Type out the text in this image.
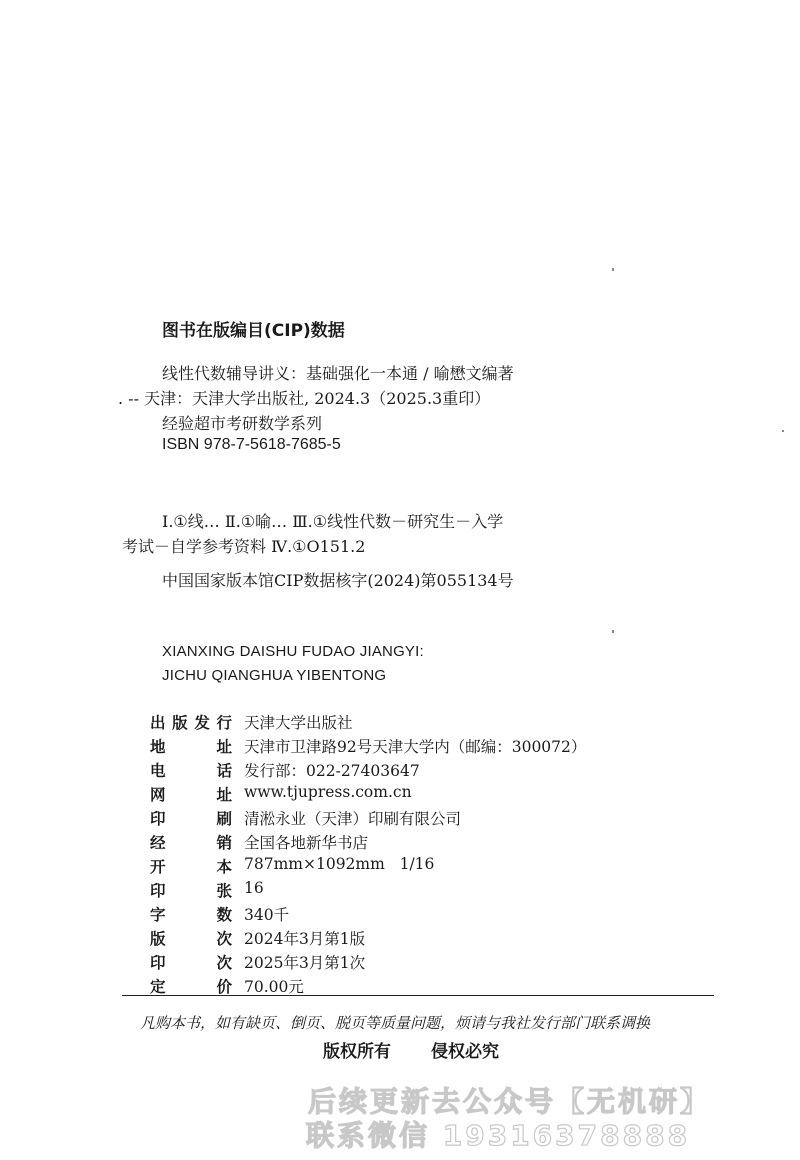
图书在版编目(CIP)数据
线性代数辅导讲义：基础强化一本通 / 喻懋文编著
. -- 天津：天津大学出版社, 2024.3（2025.3重印）
经验超市考研数学系列
ISBN 978-7-5618-7685-5
Ⅰ.①线… Ⅱ.①喻… Ⅲ.①线性代数－研究生－入学
考试－自学参考资料 Ⅳ.①O151.2
中国国家版本馆CIP数据核字(2024)第055134号
XIANXING DAISHU FUDAO JIANGYI:
JICHU QIANGHUA YIBENTONG
出 版 发 行 天津大学出版社
地	址 天津市卫津路92号天津大学内（邮编：300072）
电	话 发行部：022-27403647
网	址 www.tjupress.com.cn
印	刷 清淞永业（天津）印刷有限公司
经	销 全国各地新华书店
开	本 787mm×1092mm   1/16
印	张 16
字	数 340千
版	次 2024年3月第1版
印	次 2025年3月第1次
定	价 70.00元
凡购本书，如有缺页、倒页、脱页等质量问题，烦请与我社发行部门联系调换
版权所有 侵权必究
后续更新去公众号【无机研】
联系微信 19316378888
